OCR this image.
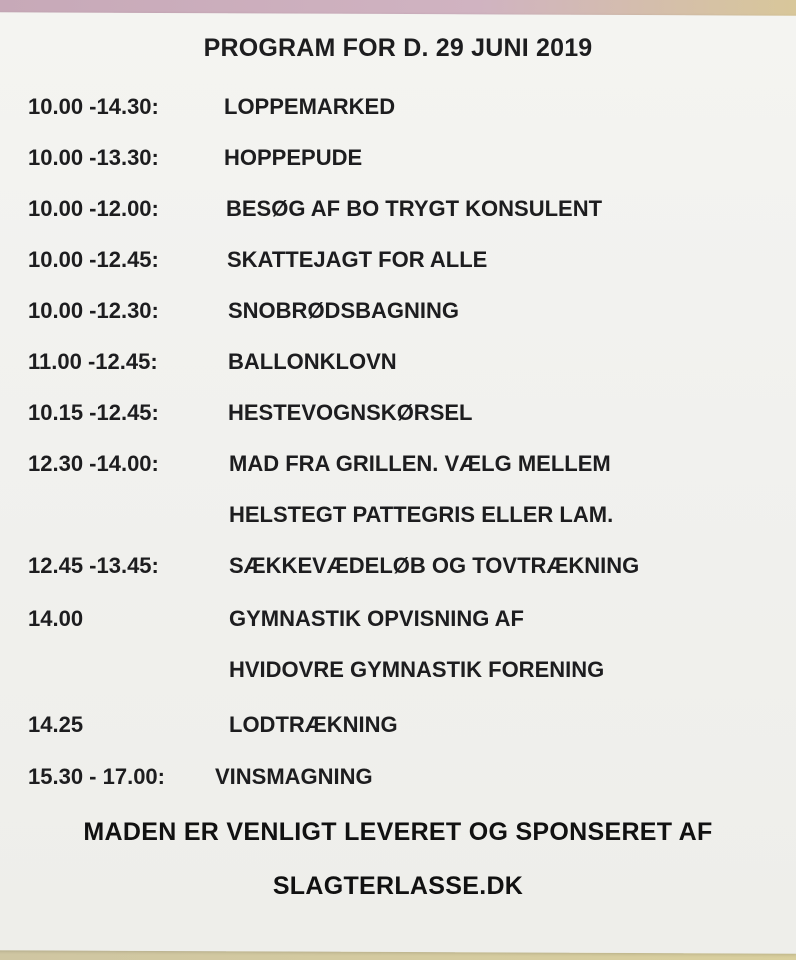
PROGRAM FOR D. 29 JUNI 2019
10.00 -14.30:	LOPPEMARKED
10.00 -13.30:	HOPPEPUDE
10.00 -12.00:	BESØG AF BO TRYGT KONSULENT
10.00 -12.45:	SKATTEJAGT FOR ALLE
10.00 -12.30:	SNOBRØDSBAGNING
11.00 -12.45:	BALLONKLOVN
10.15 -12.45:	HESTEVOGNSKØRSEL
12.30 -14.00:	MAD FRA GRILLEN. VÆLG MELLEM
HELSTEGT PATTEGRIS ELLER LAM.
12.45 -13.45:	SÆKKEVÆDELØB OG TOVTRÆKNING
14.00	GYMNASTIK OPVISNING AF
HVIDOVRE GYMNASTIK FORENING
14.25	LODTRÆKNING
15.30 - 17.00: VINSMAGNING
MADEN ER VENLIGT LEVERET OG SPONSERET AF
SLAGTERLASSE.DK
